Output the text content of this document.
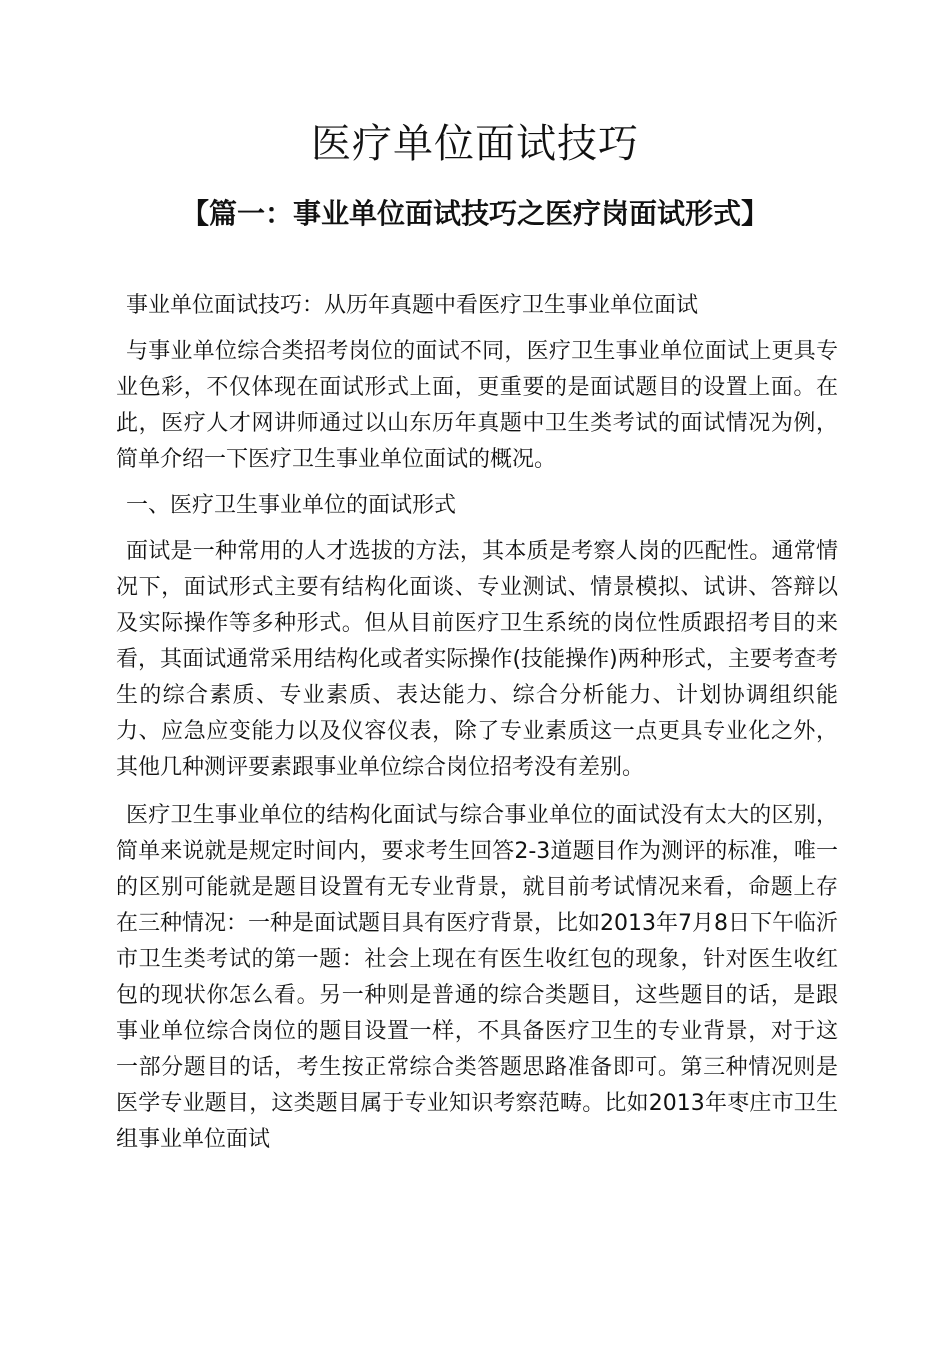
医疗单位面试技巧
【篇一：事业单位面试技巧之医疗岗面试形式】

事业单位面试技巧：从历年真题中看医疗卫生事业单位面试

与事业单位综合类招考岗位的面试不同，医疗卫生事业单位面试上更具专业色彩，不仅体现在面试形式上面，更重要的是面试题目的设置上面。在此，医疗人才网讲师通过以山东历年真题中卫生类考试的面试情况为例，简单介绍一下医疗卫生事业单位面试的概况。

一、医疗卫生事业单位的面试形式

面试是一种常用的人才选拔的方法，其本质是考察人岗的匹配性。通常情况下，面试形式主要有结构化面谈、专业测试、情景模拟、试讲、答辩以及实际操作等多种形式。但从目前医疗卫生系统的岗位性质跟招考目的来看，其面试通常采用结构化或者实际操作(技能操作)两种形式，主要考查考生的综合素质、专业素质、表达能力、综合分析能力、计划协调组织能力、应急应变能力以及仪容仪表，除了专业素质这一点更具专业化之外，其他几种测评要素跟事业单位综合岗位招考没有差别。

医疗卫生事业单位的结构化面试与综合事业单位的面试没有太大的区别，简单来说就是规定时间内，要求考生回答2-3道题目作为测评的标准，唯一的区别可能就是题目设置有无专业背景，就目前考试情况来看，命题上存在三种情况：一种是面试题目具有医疗背景，比如2013年7月8日下午临沂市卫生类考试的第一题：社会上现在有医生收红包的现象，针对医生收红包的现状你怎么看。另一种则是普通的综合类题目，这些题目的话，是跟事业单位综合岗位的题目设置一样，不具备医疗卫生的专业背景，对于这一部分题目的话，考生按正常综合类答题思路准备即可。第三种情况则是医学专业题目，这类题目属于专业知识考察范畴。比如2013年枣庄市卫生组事业单位面试
